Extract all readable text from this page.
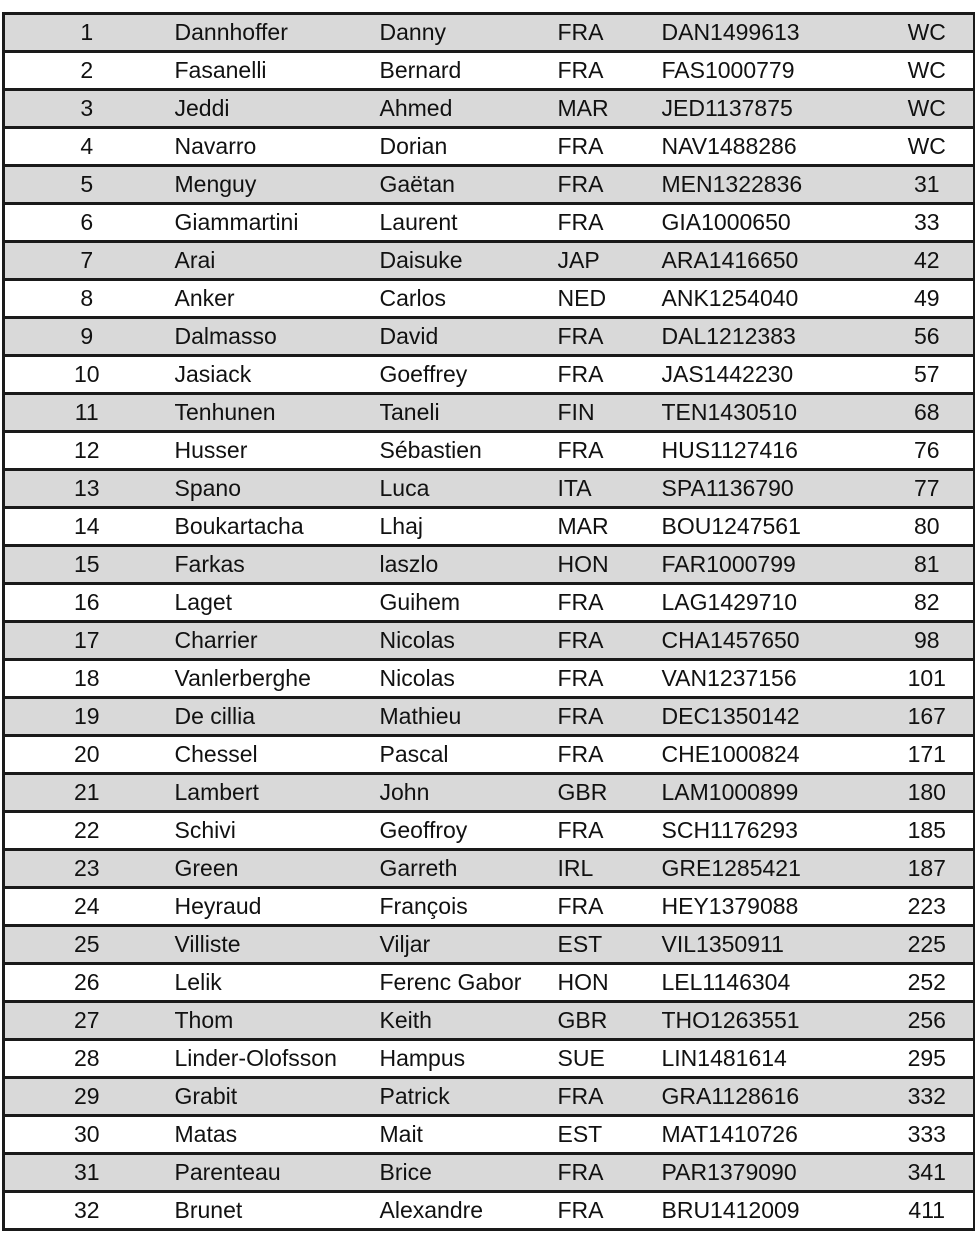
1	Dannhoffer	Danny	FRA	DAN1499613	WC
2	Fasanelli	Bernard	FRA	FAS1000779	WC
3	Jeddi	Ahmed	MAR	JED1137875	WC
4	Navarro	Dorian	FRA	NAV1488286	WC
5	Menguy	Gaëtan	FRA	MEN1322836	31
6	Giammartini	Laurent	FRA	GIA1000650	33
7	Arai	Daisuke	JAP	ARA1416650	42
8	Anker	Carlos	NED	ANK1254040	49
9	Dalmasso	David	FRA	DAL1212383	56
10	Jasiack	Goeffrey	FRA	JAS1442230	57
11	Tenhunen	Taneli	FIN	TEN1430510	68
12	Husser	Sébastien	FRA	HUS1127416	76
13	Spano	Luca	ITA	SPA1136790	77
14	Boukartacha	Lhaj	MAR	BOU1247561	80
15	Farkas	laszlo	HON	FAR1000799	81
16	Laget	Guihem	FRA	LAG1429710	82
17	Charrier	Nicolas	FRA	CHA1457650	98
18	Vanlerberghe	Nicolas	FRA	VAN1237156	101
19	De cillia	Mathieu	FRA	DEC1350142	167
20	Chessel	Pascal	FRA	CHE1000824	171
21	Lambert	John	GBR	LAM1000899	180
22	Schivi	Geoffroy	FRA	SCH1176293	185
23	Green	Garreth	IRL	GRE1285421	187
24	Heyraud	François	FRA	HEY1379088	223
25	Villiste	Viljar	EST	VIL1350911	225
26	Lelik	Ferenc Gabor	HON	LEL1146304	252
27	Thom	Keith	GBR	THO1263551	256
28	Linder-Olofsson	Hampus	SUE	LIN1481614	295
29	Grabit	Patrick	FRA	GRA1128616	332
30	Matas	Mait	EST	MAT1410726	333
31	Parenteau	Brice	FRA	PAR1379090	341
32	Brunet	Alexandre	FRA	BRU1412009	411
